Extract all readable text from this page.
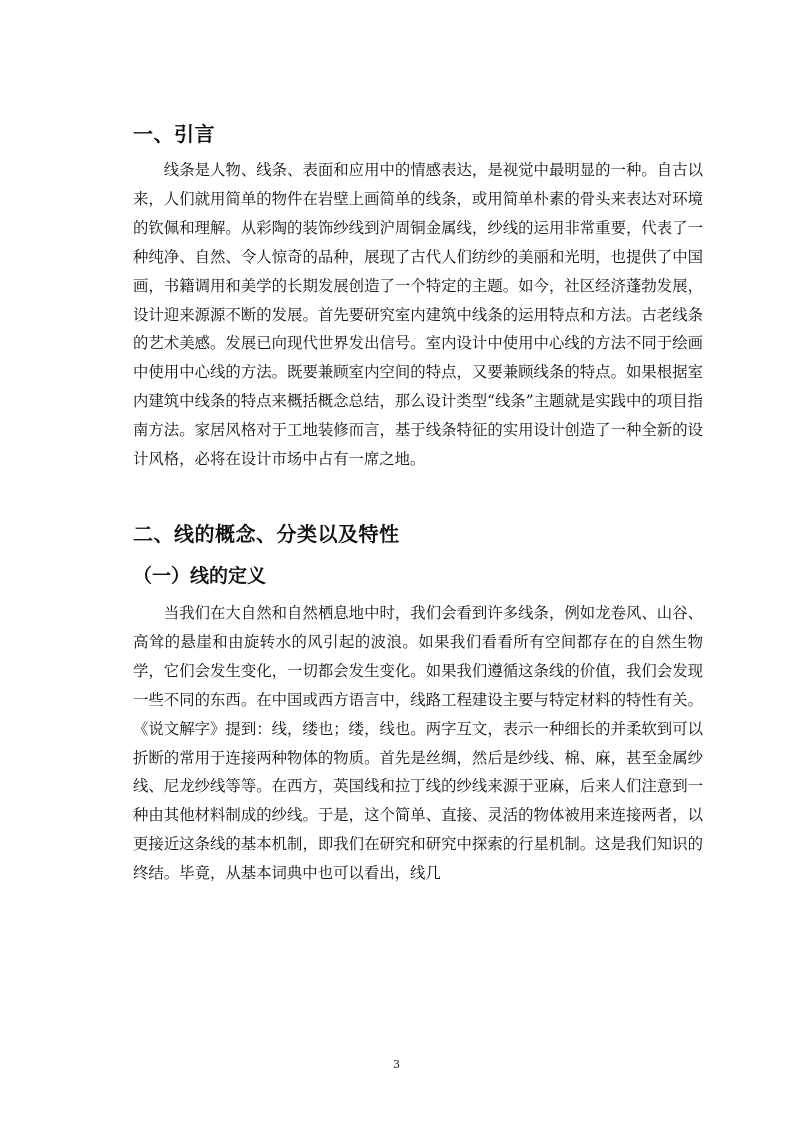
一、引言

线条是人物、线条、表面和应用中的情感表达，是视觉中最明显的一种。自古以来，人们就用简单的物件在岩壁上画简单的线条，或用简单朴素的骨头来表达对环境的钦佩和理解。从彩陶的装饰纱线到沪周铜金属线，纱线的运用非常重要，代表了一种纯净、自然、令人惊奇的品种，展现了古代人们纺纱的美丽和光明，也提供了中国画，书籍调用和美学的长期发展创造了一个特定的主题。如今，社区经济蓬勃发展，设计迎来源源不断的发展。首先要研究室内建筑中线条的运用特点和方法。古老线条的艺术美感。发展已向现代世界发出信号。室内设计中使用中心线的方法不同于绘画中使用中心线的方法。既要兼顾室内空间的特点，又要兼顾线条的特点。如果根据室内建筑中线条的特点来概括概念总结，那么设计类型“线条”主题就是实践中的项目指南方法。家居风格对于工地装修而言，基于线条特征的实用设计创造了一种全新的设计风格，必将在设计市场中占有一席之地。

二、线的概念、分类以及特性
（一）线的定义

当我们在大自然和自然栖息地中时，我们会看到许多线条，例如龙卷风、山谷、高耸的悬崖和由旋转水的风引起的波浪。如果我们看看所有空间都存在的自然生物学，它们会发生变化，一切都会发生变化。如果我们遵循这条线的价值，我们会发现一些不同的东西。在中国或西方语言中，线路工程建设主要与特定材料的特性有关。《说文解字》提到：线，缕也；缕，线也。两字互文，表示一种细长的并柔软到可以折断的常用于连接两种物体的物质。首先是丝绸，然后是纱线、棉、麻，甚至金属纱线、尼龙纱线等等。在西方，英国线和拉丁线的纱线来源于亚麻，后来人们注意到一种由其他材料制成的纱线。于是，这个简单、直接、灵活的物体被用来连接两者，以更接近这条线的基本机制，即我们在研究和研究中探索的行星机制。这是我们知识的终结。毕竟，从基本词典中也可以看出，线几

3
